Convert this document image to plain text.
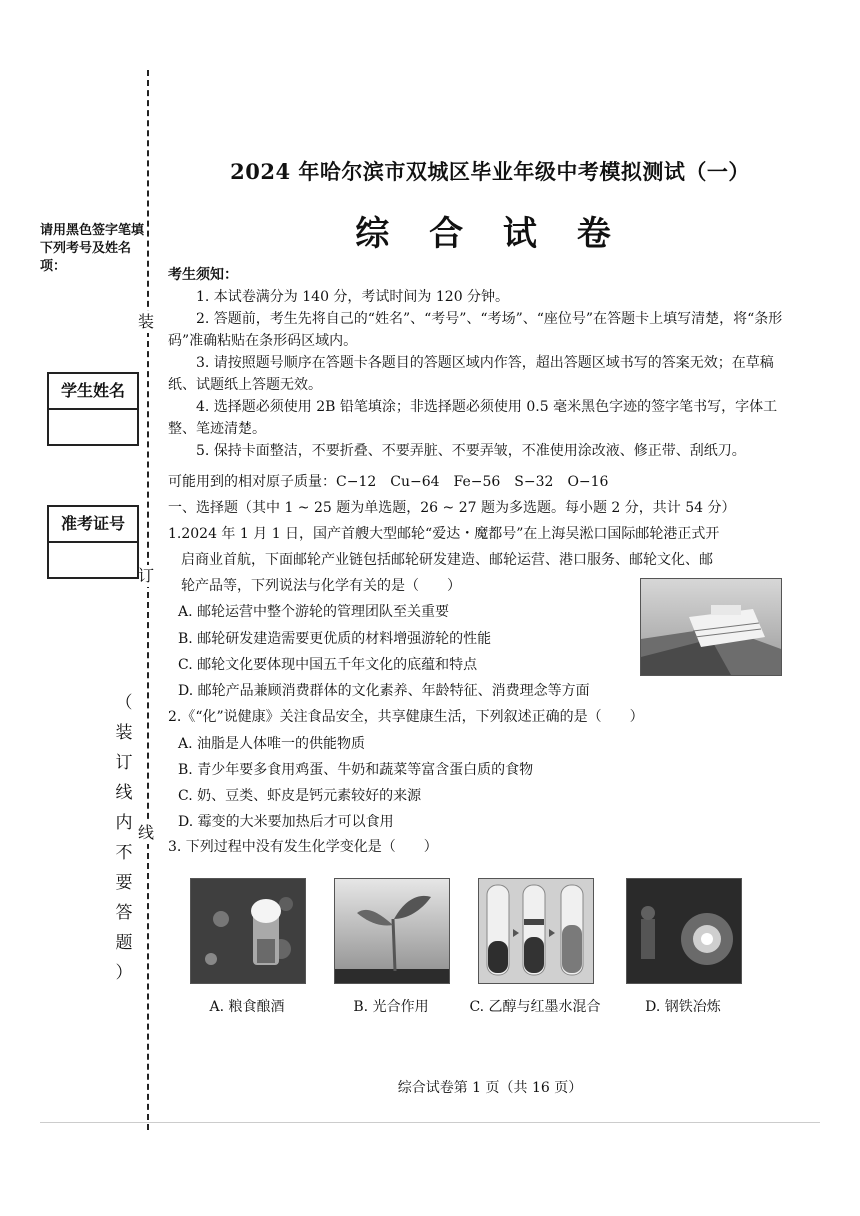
装
订
线
请用黑色签字笔填下列考号及姓名项：
学生姓名
准考证号
（
装
订
线
内
不
要
答
题
）
2024 年哈尔滨市双城区毕业年级中考模拟测试（一）
综 合 试 卷
考生须知：

1. 本试卷满分为 140 分，考试时间为 120 分钟。

2. 答题前，考生先将自己的“姓名”、“考号”、“考场”、“座位号”在答题卡上填写清楚，将“条形码”准确粘贴在条形码区域内。

3. 请按照题号顺序在答题卡各题目的答题区域内作答，超出答题区域书写的答案无效；在草稿纸、试题纸上答题无效。

4. 选择题必须使用 2B 铅笔填涂；非选择题必须使用 0.5 毫米黑色字迹的签字笔书写，字体工整、笔迹清楚。

5. 保持卡面整洁，不要折叠、不要弄脏、不要弄皱，不准使用涂改液、修正带、刮纸刀。

可能用到的相对原子质量：C−12　Cu−64　Fe−56　S−32　O−16
一、选择题（其中 1 ~ 25 题为单选题，26 ~ 27 题为多选题。每小题 2 分，共计 54 分）
1.2024 年 1 月 1 日，国产首艘大型邮轮“爱达・魔都号”在上海吴淞口国际邮轮港正式开
启商业首航，下面邮轮产业链包括邮轮研发建造、邮轮运营、港口服务、邮轮文化、邮
轮产品等，下列说法与化学有关的是（　　）
A. 邮轮运营中整个游轮的管理团队至关重要
B. 邮轮研发建造需要更优质的材料增强游轮的性能
C. 邮轮文化要体现中国五千年文化的底蕴和特点
D. 邮轮产品兼顾消费群体的文化素养、年龄特征、消费理念等方面
2.《“化”说健康》关注食品安全，共享健康生活，下列叙述正确的是（　　）
A. 油脂是人体唯一的供能物质
B. 青少年要多食用鸡蛋、牛奶和蔬菜等富含蛋白质的食物
C. 奶、豆类、虾皮是钙元素较好的来源
D. 霉变的大米要加热后才可以食用
3. 下列过程中没有发生化学变化是（　　）
A. 粮食酿酒	B. 光合作用	C. 乙醇与红墨水混合	D. 钢铁冶炼
综合试卷第 1 页（共 16 页）
